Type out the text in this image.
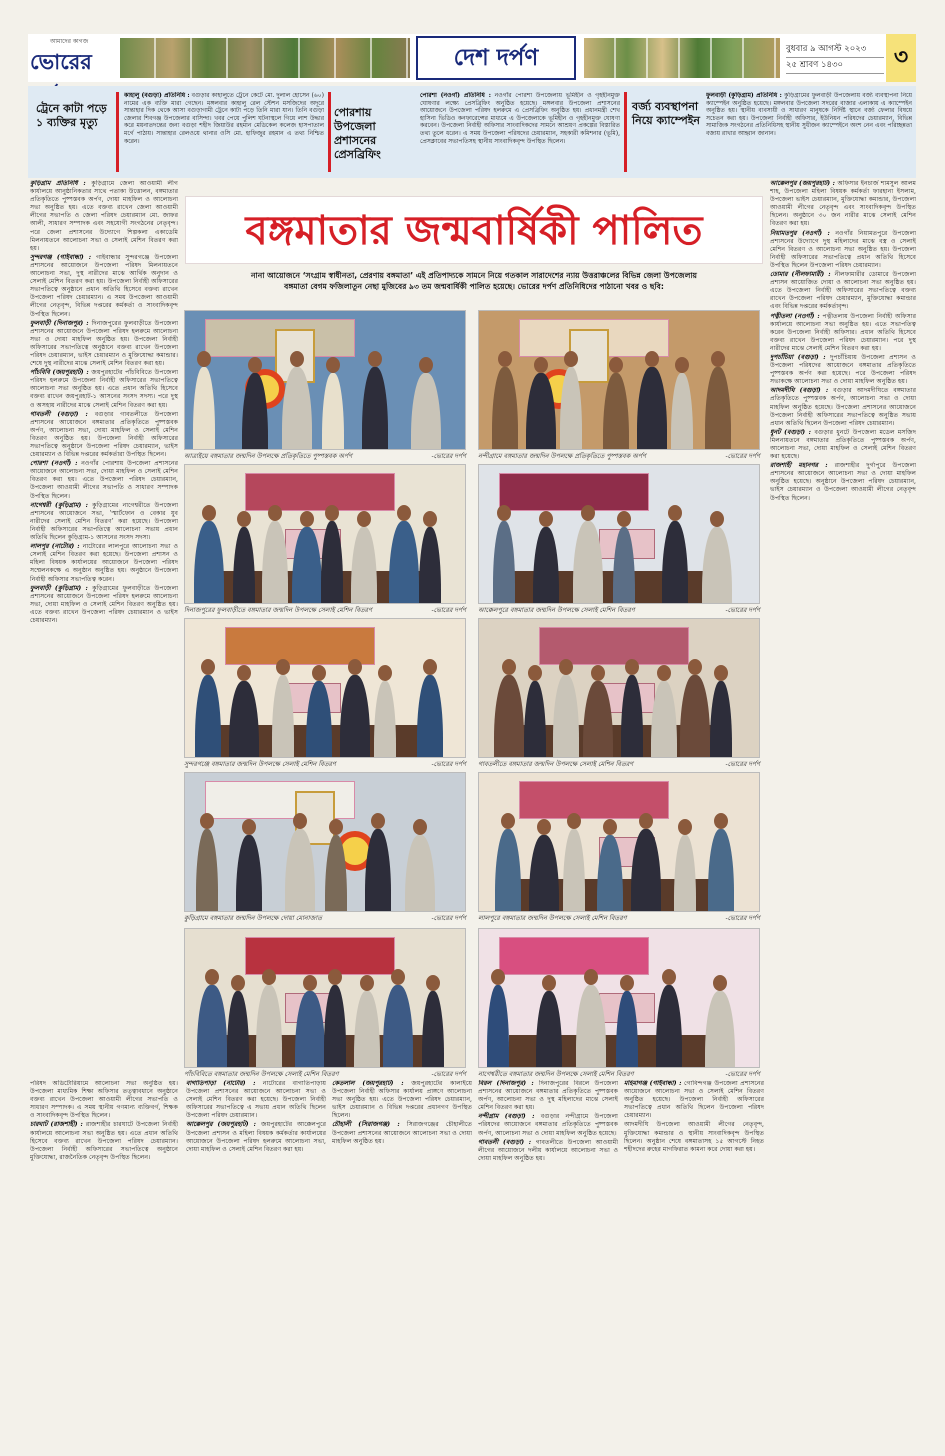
আমাদের কাগজ
ভোরের	দেশ দর্পণ	বুধবার ৯ আগস্ট ২০২৩
২৫ শ্রাবণ ১৪৩০	৩
ট্রেনে কাটা পড়ে ১ ব্যক্তির মৃত্যু
কাহালু (বগুড়া) প্রতিনিধি : বগুড়ার কাহালুতে ট্রেনে কেটে মো. দুলাল হোসেন (৬০) নামের এক ব্যক্তি মারা গেছেন। মঙ্গলবার কাহালু রেল স্টেশন মসজিদের অদূরে সান্তাহার দিক থেকে আসা বগুড়াগামী ট্রেনে কাটা পড়ে তিনি মারা যান। তিনি বগুড়া জেলার শিবগঞ্জ উপজেলার বাসিন্দা। খবর পেয়ে পুলিশ ঘটনাস্থলে গিয়ে লাশ উদ্ধার করে ময়নাতদন্তের জন্য বগুড়া শহীদ জিয়াউর রহমান মেডিকেল কলেজ হাসপাতাল মর্গে পাঠায়। সান্তাহার রেলওয়ে থানার ওসি মো. হাফিজুর রহমান এ তথ্য নিশ্চিত করেন।
পোরশায় উপজেলা প্রশাসনের প্রেসব্রিফিং
পোরশা (নওগাঁ) প্রতিনিধি : নওগাঁর পোরশা উপজেলায় ভূমিহীন ও গৃহহীনমুক্ত ঘোষণার লক্ষ্যে প্রেসব্রিফিং অনুষ্ঠিত হয়েছে। মঙ্গলবার উপজেলা প্রশাসনের আয়োজনে উপজেলা পরিষদ হলরুমে এ প্রেসব্রিফিং অনুষ্ঠিত হয়। প্রধানমন্ত্রী শেখ হাসিনা ভিডিও কনফারেন্সের মাধ্যমে এ উপজেলাকে ভূমিহীন ও গৃহহীনমুক্ত ঘোষণা করবেন। উপজেলা নির্বাহী অফিসার সাংবাদিকদের সামনে আশ্রয়ণ প্রকল্পের বিস্তারিত তথ্য তুলে ধরেন। এ সময় উপজেলা পরিষদের চেয়ারম্যান, সহকারী কমিশনার (ভূমি), প্রেসক্লাবের সভাপতিসহ স্থানীয় সাংবাদিকবৃন্দ উপস্থিত ছিলেন।
বর্জ্য ব্যবস্থাপনা নিয়ে ক্যাম্পেইন
ফুলবাড়ী (কুড়িগ্রাম) প্রতিনিধি : কুড়িগ্রামের ফুলবাড়ী উপজেলায় বর্জ্য ব্যবস্থাপনা নিয়ে ক্যাম্পেইন অনুষ্ঠিত হয়েছে। মঙ্গলবার উপজেলা সদরের বাজার এলাকায় এ ক্যাম্পেইন অনুষ্ঠিত হয়। স্থানীয় ব্যবসায়ী ও সাধারণ মানুষকে নির্দিষ্ট স্থানে বর্জ্য ফেলার বিষয়ে সচেতন করা হয়। উপজেলা নির্বাহী অফিসার, ইউনিয়ন পরিষদের চেয়ারম্যান, বিভিন্ন সামাজিক সংগঠনের প্রতিনিধিসহ স্থানীয় সুধীজন ক্যাম্পেইনে অংশ নেন এবং পরিচ্ছন্নতা বজায় রাখার আহ্বান জানান।
বঙ্গমাতার জন্মবার্ষিকী পালিত
নানা আয়োজনে ‘সংগ্রাম স্বাধীনতা, প্রেরণায় বঙ্গমাতা’ এই প্রতিপাদ্যকে সামনে নিয়ে গতকাল সারাদেশের ন্যায় উত্তরাঞ্চলের বিভিন্ন জেলা উপজেলায়
বঙ্গমাতা বেগম ফজিলাতুন নেছা মুজিবের ৯৩ তম জন্মবার্ষিকী পালিত হয়েছে। ভোরের দর্পণ প্রতিনিধিদের পাঠানো খবর ও ছবি:

কুড়িগ্রাম প্রতিনিধি : কুড়িগ্রামে জেলা আওয়ামী লীগ কার্যালয়ে আনুষ্ঠানিকতার সাথে পতাকা উত্তোলন, বঙ্গমাতার প্রতিকৃতিতে পুষ্পস্তবক অর্পণ, দোয়া মাহফিল ও আলোচনা সভা অনুষ্ঠিত হয়। এতে বক্তব্য রাখেন জেলা আওয়ামী লীগের সভাপতি ও জেলা পরিষদ চেয়ারম্যান মো. জাফর আলী, সাধারণ সম্পাদক এবং সহযোগী সংগঠনের নেতৃবৃন্দ। পরে জেলা প্রশাসনের উদ্যোগে শিল্পকলা একাডেমি মিলনায়তনে আলোচনা সভা ও সেলাই মেশিন বিতরণ করা হয়।

সুন্দরগঞ্জ (গাইবান্ধা) : গাইবান্ধার সুন্দরগঞ্জে উপজেলা প্রশাসনের আয়োজনে উপজেলা পরিষদ মিলনায়তনে আলোচনা সভা, দুস্থ নারীদের মাঝে আর্থিক অনুদান ও সেলাই মেশিন বিতরণ করা হয়। উপজেলা নির্বাহী অফিসারের সভাপতিত্বে অনুষ্ঠানে প্রধান অতিথি হিসেবে বক্তব্য রাখেন উপজেলা পরিষদ চেয়ারম্যান। এ সময় উপজেলা আওয়ামী লীগের নেতৃবৃন্দ, বিভিন্ন দপ্তরের কর্মকর্তা ও সাংবাদিকবৃন্দ উপস্থিত ছিলেন।

ফুলবাড়ী (দিনাজপুর) : দিনাজপুরের ফুলবাড়ীতে উপজেলা প্রশাসনের আয়োজনে উপজেলা পরিষদ হলরুমে আলোচনা সভা ও দোয়া মাহফিল অনুষ্ঠিত হয়। উপজেলা নির্বাহী অফিসারের সভাপতিত্বে অনুষ্ঠানে বক্তব্য রাখেন উপজেলা পরিষদ চেয়ারম্যান, ভাইস চেয়ারম্যান ও মুক্তিযোদ্ধা কমান্ডার। শেষে দুস্থ নারীদের মাঝে সেলাই মেশিন বিতরণ করা হয়।

পাঁচবিবি (জয়পুরহাট) : জয়পুরহাটের পাঁচবিবিতে উপজেলা পরিষদ হলরুমে উপজেলা নির্বাহী অফিসারের সভাপতিত্বে আলোচনা সভা অনুষ্ঠিত হয়। এতে প্রধান অতিথি হিসেবে বক্তব্য রাখেন জয়পুরহাট-১ আসনের সংসদ সদস্য। পরে দুস্থ ও অসহায় নারীদের মাঝে সেলাই মেশিন বিতরণ করা হয়।

গাবতলী (বগুড়া) : বগুড়ার গাবতলীতে উপজেলা প্রশাসনের আয়োজনে বঙ্গমাতার প্রতিকৃতিতে পুষ্পস্তবক অর্পণ, আলোচনা সভা, দোয়া মাহফিল ও সেলাই মেশিন বিতরণ অনুষ্ঠিত হয়। উপজেলা নির্বাহী অফিসারের সভাপতিত্বে অনুষ্ঠানে উপজেলা পরিষদ চেয়ারম্যান, ভাইস চেয়ারম্যান ও বিভিন্ন দপ্তরের কর্মকর্তারা উপস্থিত ছিলেন।

পোরশা (নওগাঁ) : নওগাঁর পোরশায় উপজেলা প্রশাসনের আয়োজনে আলোচনা সভা, দোয়া মাহফিল ও সেলাই মেশিন বিতরণ করা হয়। এতে উপজেলা পরিষদ চেয়ারম্যান, উপজেলা আওয়ামী লীগের সভাপতি ও সাধারণ সম্পাদক উপস্থিত ছিলেন।

নাগেশ্বরী (কুড়িগ্রাম) : কুড়িগ্রামের নাগেশ্বরীতে উপজেলা প্রশাসনের আয়োজনে সভা, ‘স্মার্টফোন ও বেকার যুব নারীদের সেলাই মেশিন বিতরণ’ করা হয়েছে। উপজেলা নির্বাহী অফিসারের সভাপতিত্বে আলোচনা সভায় প্রধান অতিথি ছিলেন কুড়িগ্রাম-১ আসনের সংসদ সদস্য।

লালপুর (নাটোর) : নাটোরের লালপুরে আলোচনা সভা ও সেলাই মেশিন বিতরণ করা হয়েছে। উপজেলা প্রশাসন ও মহিলা বিষয়ক কার্যালয়ের আয়োজনে উপজেলা পরিষদ সম্মেলনকক্ষে এ অনুষ্ঠান অনুষ্ঠিত হয়। অনুষ্ঠানে উপজেলা নির্বাহী অফিসার সভাপতিত্ব করেন।

ফুলবাড়ী (কুড়িগ্রাম) : কুড়িগ্রামের ফুলবাড়ীতে উপজেলা প্রশাসনের আয়োজনে উপজেলা পরিষদ হলরুমে আলোচনা সভা, দোয়া মাহফিল ও সেলাই মেশিন বিতরণ অনুষ্ঠিত হয়। এতে বক্তব্য রাখেন উপজেলা পরিষদ চেয়ারম্যান ও ভাইস চেয়ারম্যান।

আক্কেলপুর (জয়পুরহাট) : অফিসার ইনচার্জ শামসুল আলম শাহ, উপজেলা মহিলা বিষয়ক কর্মকর্তা ফারহানা ইসলাম, উপজেলা ভাইস চেয়ারম্যান, মুক্তিযোদ্ধা কমান্ডার, উপজেলা আওয়ামী লীগের নেতৃবৃন্দ এবং সাংবাদিকবৃন্দ উপস্থিত ছিলেন। অনুষ্ঠানে ৩০ জন নারীর মাঝে সেলাই মেশিন বিতরণ করা হয়।

নিয়ামতপুর (নওগাঁ) : নওগাঁর নিয়ামতপুরে উপজেলা প্রশাসনের উদ্যোগে দুস্থ মহিলাদের মাঝে বস্ত্র ও সেলাই মেশিন বিতরণ ও আলোচনা সভা অনুষ্ঠিত হয়। উপজেলা নির্বাহী অফিসারের সভাপতিত্বে প্রধান অতিথি হিসেবে উপস্থিত ছিলেন উপজেলা পরিষদ চেয়ারম্যান।

ডোমার (নীলফামারী) : নীলফামারীর ডোমারে উপজেলা প্রশাসন আয়োজিত দোয়া ও আলোচনা সভা অনুষ্ঠিত হয়। এতে উপজেলা নির্বাহী অফিসারের সভাপতিত্বে বক্তব্য রাখেন উপজেলা পরিষদ চেয়ারম্যান, মুক্তিযোদ্ধা কমান্ডার এবং বিভিন্ন দপ্তরের কর্মকর্তাবৃন্দ।

পত্নীতলা (নওগাঁ) : পত্নীতলায় উপজেলা নির্বাহী অফিসার কার্যালয়ে আলোচনা সভা অনুষ্ঠিত হয়। এতে সভাপতিত্ব করেন উপজেলা নির্বাহী অফিসার। প্রধান অতিথি হিসেবে বক্তব্য রাখেন উপজেলা পরিষদ চেয়ারম্যান। পরে দুস্থ নারীদের মাঝে সেলাই মেশিন বিতরণ করা হয়।

দুপচাঁচিয়া (বগুড়া) : দুপচাঁচিয়ায় উপজেলা প্রশাসন ও উপজেলা পরিষদের আয়োজনে বঙ্গমাতার প্রতিকৃতিতে পুষ্পস্তবক অর্পণ করা হয়েছে। পরে উপজেলা পরিষদ সভাকক্ষে আলোচনা সভা ও দোয়া মাহফিল অনুষ্ঠিত হয়।

আদমদীঘি (বগুড়া) : বগুড়ার আদমদীঘিতে বঙ্গমাতার প্রতিকৃতিতে পুষ্পস্তবক অর্পণ, আলোচনা সভা ও দোয়া মাহফিল অনুষ্ঠিত হয়েছে। উপজেলা প্রশাসনের আয়োজনে উপজেলা নির্বাহী অফিসারের সভাপতিত্বে অনুষ্ঠিত সভায় প্রধান অতিথি ছিলেন উপজেলা পরিষদ চেয়ারম্যান।

ধুনট (বগুড়া) : বগুড়ার ধুনটে উপজেলা মডেল মসজিদ মিলনায়তনে বঙ্গমাতার প্রতিকৃতিতে পুষ্পস্তবক অর্পণ, আলোচনা সভা, দোয়া মাহফিল ও সেলাই মেশিন বিতরণ করা হয়েছে।

রাজশাহী মহানগর : রাজশাহীর দুর্গাপুরে উপজেলা প্রশাসনের আয়োজনে আলোচনা সভা ও দোয়া মাহফিল অনুষ্ঠিত হয়েছে। অনুষ্ঠানে উপজেলা পরিষদ চেয়ারম্যান, ভাইস চেয়ারম্যান ও উপজেলা আওয়ামী লীগের নেতৃবৃন্দ উপস্থিত ছিলেন।

আত্রাইয়ে বঙ্গমাতার জন্মদিন উপলক্ষে প্রতিকৃতিতে পুষ্পস্তবক অর্পণ	-ভোরের দর্পণ নন্দীগ্রামে বঙ্গমাতার জন্মদিন উপলক্ষে প্রতিকৃতিতে পুষ্পস্তবক অর্পণ	-ভোরের দর্পণ
দিনাজপুরের ফুলবাড়ীতে বঙ্গমাতার জন্মদিন উপলক্ষে সেলাই মেশিন বিতরণ	-ভোরের দর্পণ আক্কেলপুরে বঙ্গমাতার জন্মদিন উপলক্ষে সেলাই মেশিন বিতরণ	-ভোরের দর্পণ
সুন্দরগঞ্জে বঙ্গমাতার জন্মদিন উপলক্ষে সেলাই মেশিন বিতরণ	-ভোরের দর্পণ গাবতলীতে বঙ্গমাতার জন্মদিন উপলক্ষে সেলাই মেশিন বিতরণ	-ভোরের দর্পণ
কুড়িগ্রামে বঙ্গমাতার জন্মদিন উপলক্ষে দোয়া মোনাজাত	-ভোরের দর্পণ লালপুরে বঙ্গমাতার জন্মদিন উপলক্ষে সেলাই মেশিন বিতরণ	-ভোরের দর্পণ
পাঁচবিবিতে বঙ্গমাতার জন্মদিন উপলক্ষে সেলাই মেশিন বিতরণ	-ভোরের দর্পণ নাগেশ্বরীতে বঙ্গমাতার জন্মদিন উপলক্ষে সেলাই মেশিন বিতরণ	-ভোরের দর্পণ

পরিষদ অডিটোরিয়ামে আলোচনা সভা অনুষ্ঠিত হয়। উপজেলা মাধ্যমিক শিক্ষা অফিসার তত্ত্বাবধানে অনুষ্ঠানে বক্তব্য রাখেন উপজেলা আওয়ামী লীগের সভাপতি ও সাধারণ সম্পাদক। এ সময় স্থানীয় গণমান্য ব্যক্তিবর্গ, শিক্ষক ও সাংবাদিকবৃন্দ উপস্থিত ছিলেন।

চারঘাট (রাজশাহী) : রাজশাহীর চারঘাটে উপজেলা নির্বাহী কার্যালয়ে আলোচনা সভা অনুষ্ঠিত হয়। এতে প্রধান অতিথি হিসেবে বক্তব্য রাখেন উপজেলা পরিষদ চেয়ারম্যান। উপজেলা নির্বাহী অফিসারের সভাপতিত্বে অনুষ্ঠানে মুক্তিযোদ্ধা, রাজনৈতিক নেতৃবৃন্দ উপস্থিত ছিলেন।

বাগাতিপাড়া (নাটোর) : নাটোরের বাগাতিপাড়ায় উপজেলা প্রশাসনের আয়োজনে আলোচনা সভা ও সেলাই মেশিন বিতরণ করা হয়েছে। উপজেলা নির্বাহী অফিসারের সভাপতিত্বে এ সভায় প্রধান অতিথি ছিলেন উপজেলা পরিষদ চেয়ারম্যান।

আক্কেলপুর (জয়পুরহাট) : জয়পুরহাটের আক্কেলপুরে উপজেলা প্রশাসন ও মহিলা বিষয়ক কর্মকর্তার কার্যালয়ের আয়োজনে উপজেলা পরিষদ হলরুমে আলোচনা সভা, দোয়া মাহফিল ও সেলাই মেশিন বিতরণ করা হয়।

কেতলাল (জয়পুরহাট) : জয়পুরহাটের কালাইয়ে উপজেলা নির্বাহী অফিসার কার্যালয় প্রাঙ্গণে আলোচনা সভা অনুষ্ঠিত হয়। এতে উপজেলা পরিষদ চেয়ারম্যান, ভাইস চেয়ারম্যান ও বিভিন্ন দপ্তরের প্রধানগণ উপস্থিত ছিলেন।

চৌহালী (সিরাজগঞ্জ) : সিরাজগঞ্জের চৌহালীতে উপজেলা প্রশাসনের আয়োজনে আলোচনা সভা ও দোয়া মাহফিল অনুষ্ঠিত হয়।

বিরল (দিনাজপুর) : দিনাজপুরের বিরলে উপজেলা প্রশাসনের আয়োজনে বঙ্গমাতার প্রতিকৃতিতে পুষ্পস্তবক অর্পণ, আলোচনা সভা ও দুস্থ মহিলাদের মাঝে সেলাই মেশিন বিতরণ করা হয়।

নন্দীগ্রাম (বগুড়া) : বগুড়ার নন্দীগ্রামে উপজেলা পরিষদের আয়োজনে বঙ্গমাতার প্রতিকৃতিতে পুষ্পস্তবক অর্পণ, আলোচনা সভা ও দোয়া মাহফিল অনুষ্ঠিত হয়েছে।

গাবতলী (বগুড়া) : গাবতলীতে উপজেলা আওয়ামী লীগের আয়োজনে দলীয় কার্যালয়ে আলোচনা সভা ও দোয়া মাহফিল অনুষ্ঠিত হয়।

মহিমাগঞ্জ (গাইবান্ধা) : গোবিন্দগঞ্জ উপজেলা প্রশাসনের আয়োজনে আলোচনা সভা ও সেলাই মেশিন বিতরণ অনুষ্ঠিত হয়েছে। উপজেলা নির্বাহী অফিসারের সভাপতিত্বে প্রধান অতিথি ছিলেন উপজেলা পরিষদ চেয়ারম্যান।

আদমদীঘি উপজেলা আওয়ামী লীগের নেতৃবৃন্দ, মুক্তিযোদ্ধা কমান্ডার ও স্থানীয় সাংবাদিকবৃন্দ উপস্থিত ছিলেন। অনুষ্ঠান শেষে বঙ্গমাতাসহ ১৫ আগস্টে নিহত শহীদদের রুহের মাগফিরাত কামনা করে দোয়া করা হয়।
